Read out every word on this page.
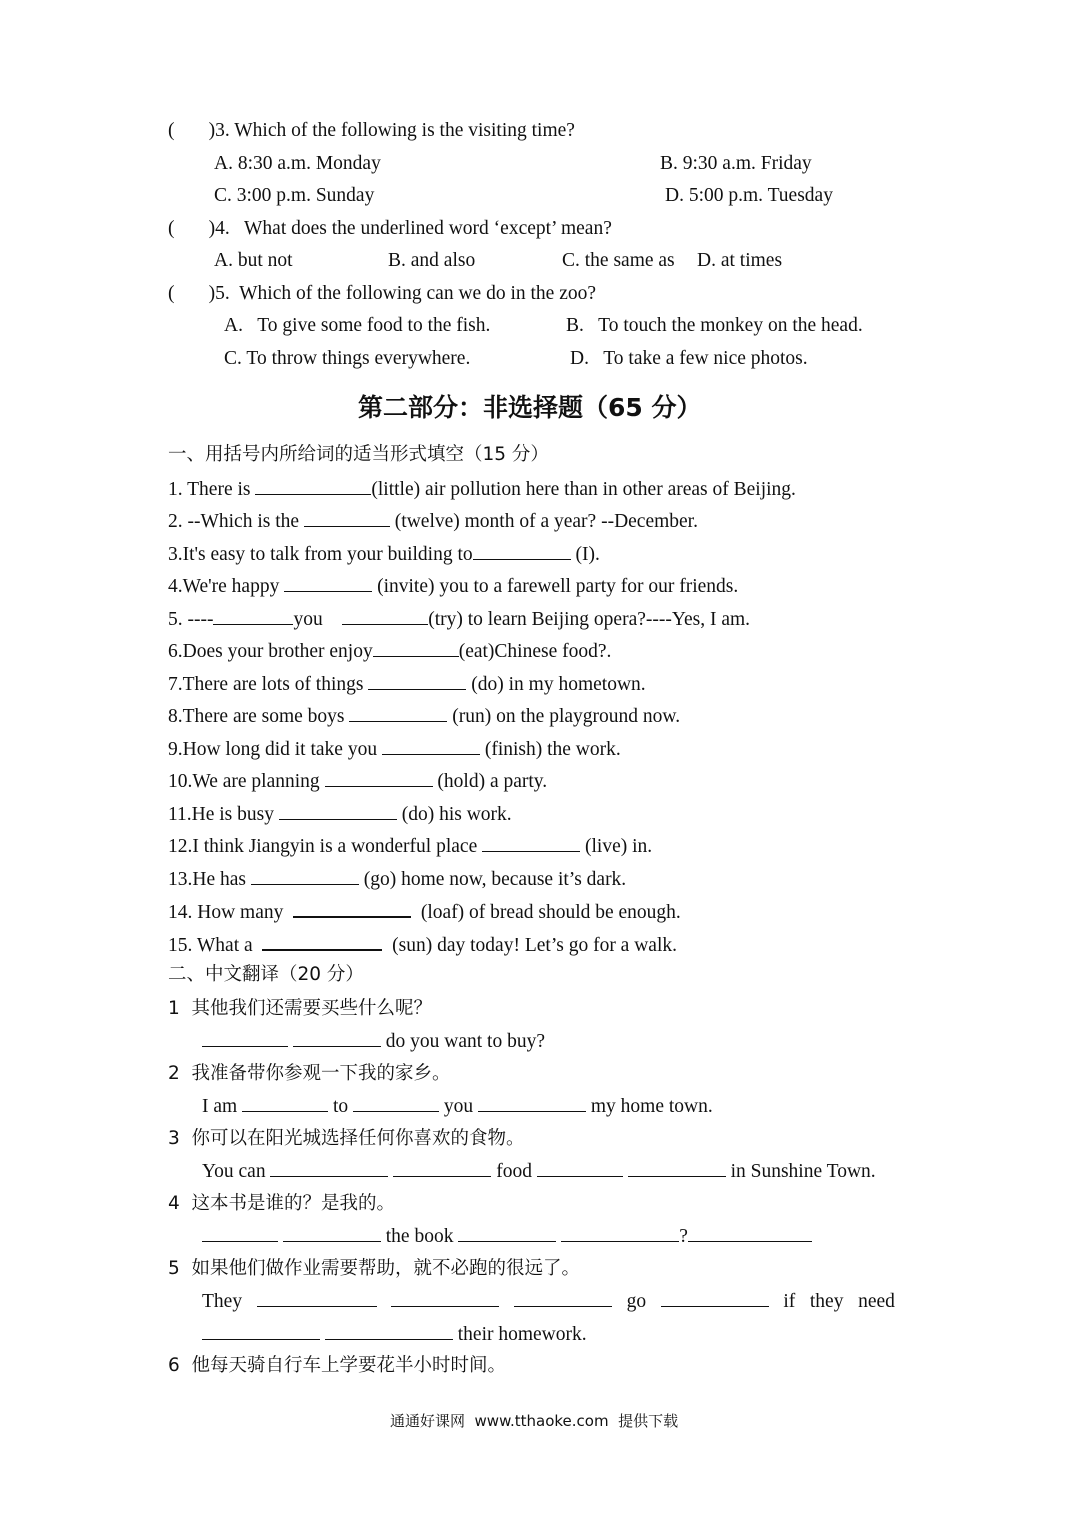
( )3. Which of the following is the visiting time?
A. 8:30 a.m. Monday	B. 9:30 a.m. Friday
C. 3:00 p.m. Sunday	D. 5:00 p.m. Tuesday
( )4. What does the underlined word ‘except’ mean?
A. but not	B. and also	C. the same as D. at times
( )5. Which of the following can we do in the zoo?
A. To give some food to the fish.	B. To touch the monkey on the head.
C. To throw things everywhere.	D. To take a few nice photos.
第二部分：非选择题（65 分）
一、用括号内所给词的适当形式填空（15 分）
1. There is	(little) air pollution here than in other areas of Beijing.
2. --Which is the	(twelve) month of a year? --December.
3.It's easy to talk from your building to	(I).
4.We're happy	(invite) you to a farewell party for our friends.
5. ----	you	(try) to learn Beijing opera?----Yes, I am.
6.Does your brother enjoy	(eat)Chinese food?.
7.There are lots of things	(do) in my hometown.
8.There are some boys	(run) on the playground now.
9.How long did it take you	(finish) the work.
10.We are planning	(hold) a party.
11.He is busy	(do) his work.
12.I think Jiangyin is a wonderful place	(live) in.
13.He has	(go) home now, because it’s dark.
14. How many	(loaf) of bread should be enough.
15. What a	(sun) day today! Let’s go for a walk.
二、中文翻译（20 分）
1 其他我们还需要买些什么呢？
do you want to buy?
2 我准备带你参观一下我的家乡。
I am	to	you	my home town.
3 你可以在阳光城选择任何你喜欢的食物。
You can	food	in Sunshine Town.
4 这本书是谁的？是我的。
the book	?
5 如果他们做作业需要帮助，就不必跑的很远了。
They	go	if they need
their homework.
6 他每天骑自行车上学要花半小时时间。
通通好课网  www.tthaoke.com  提供下载
